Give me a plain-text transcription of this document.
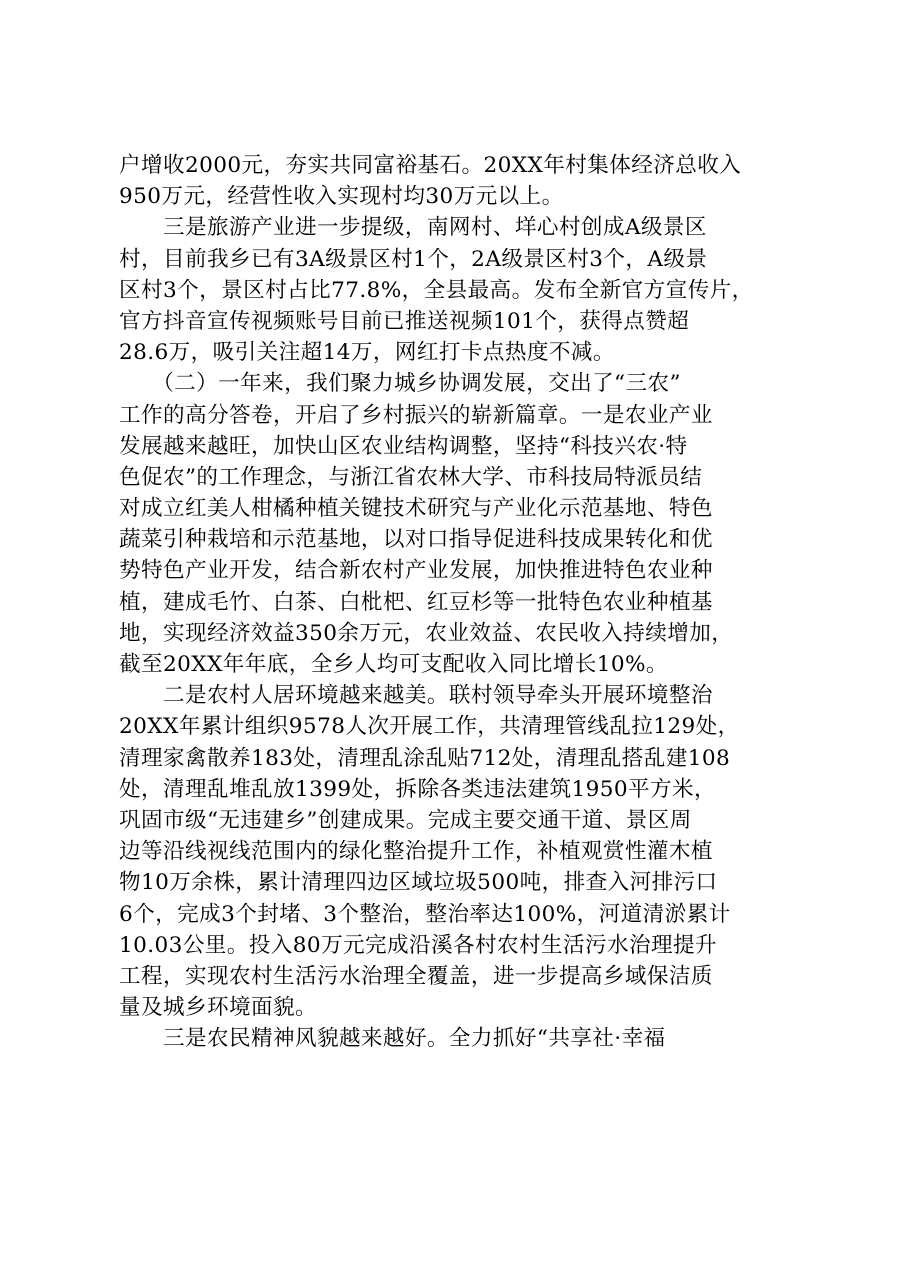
户增收2000元，夯实共同富裕基石。20XX年村集体经济总收入
950万元，经营性收入实现村均30万元以上。
　　三是旅游产业进一步提级，南网村、垟心村创成A级景区
村，目前我乡已有3A级景区村1个，2A级景区村3个，A级景
区村3个，景区村占比77.8%，全县最高。发布全新官方宣传片，
官方抖音宣传视频账号目前已推送视频101个，获得点赞超
28.6万，吸引关注超14万，网红打卡点热度不减。
　　（二）一年来，我们聚力城乡协调发展，交出了“三农”
工作的高分答卷，开启了乡村振兴的崭新篇章。一是农业产业
发展越来越旺，加快山区农业结构调整，坚持“科技兴农·特
色促农”的工作理念，与浙江省农林大学、市科技局特派员结
对成立红美人柑橘种植关键技术研究与产业化示范基地、特色
蔬菜引种栽培和示范基地，以对口指导促进科技成果转化和优
势特色产业开发，结合新农村产业发展，加快推进特色农业种
植，建成毛竹、白茶、白枇杷、红豆杉等一批特色农业种植基
地，实现经济效益350余万元，农业效益、农民收入持续增加，
截至20XX年年底，全乡人均可支配收入同比增长10%。
　　二是农村人居环境越来越美。联村领导牵头开展环境整治
20XX年累计组织9578人次开展工作，共清理管线乱拉129处，
清理家禽散养183处，清理乱涂乱贴712处，清理乱搭乱建108
处，清理乱堆乱放1399处，拆除各类违法建筑1950平方米，
巩固市级“无违建乡”创建成果。完成主要交通干道、景区周
边等沿线视线范围内的绿化整治提升工作，补植观赏性灌木植
物10万余株，累计清理四边区域垃圾500吨，排查入河排污口
6个，完成3个封堵、3个整治，整治率达100%，河道清淤累计
10.03公里。投入80万元完成沿溪各村农村生活污水治理提升
工程，实现农村生活污水治理全覆盖，进一步提高乡域保洁质
量及城乡环境面貌。
　　三是农民精神风貌越来越好。全力抓好“共享社·幸福
